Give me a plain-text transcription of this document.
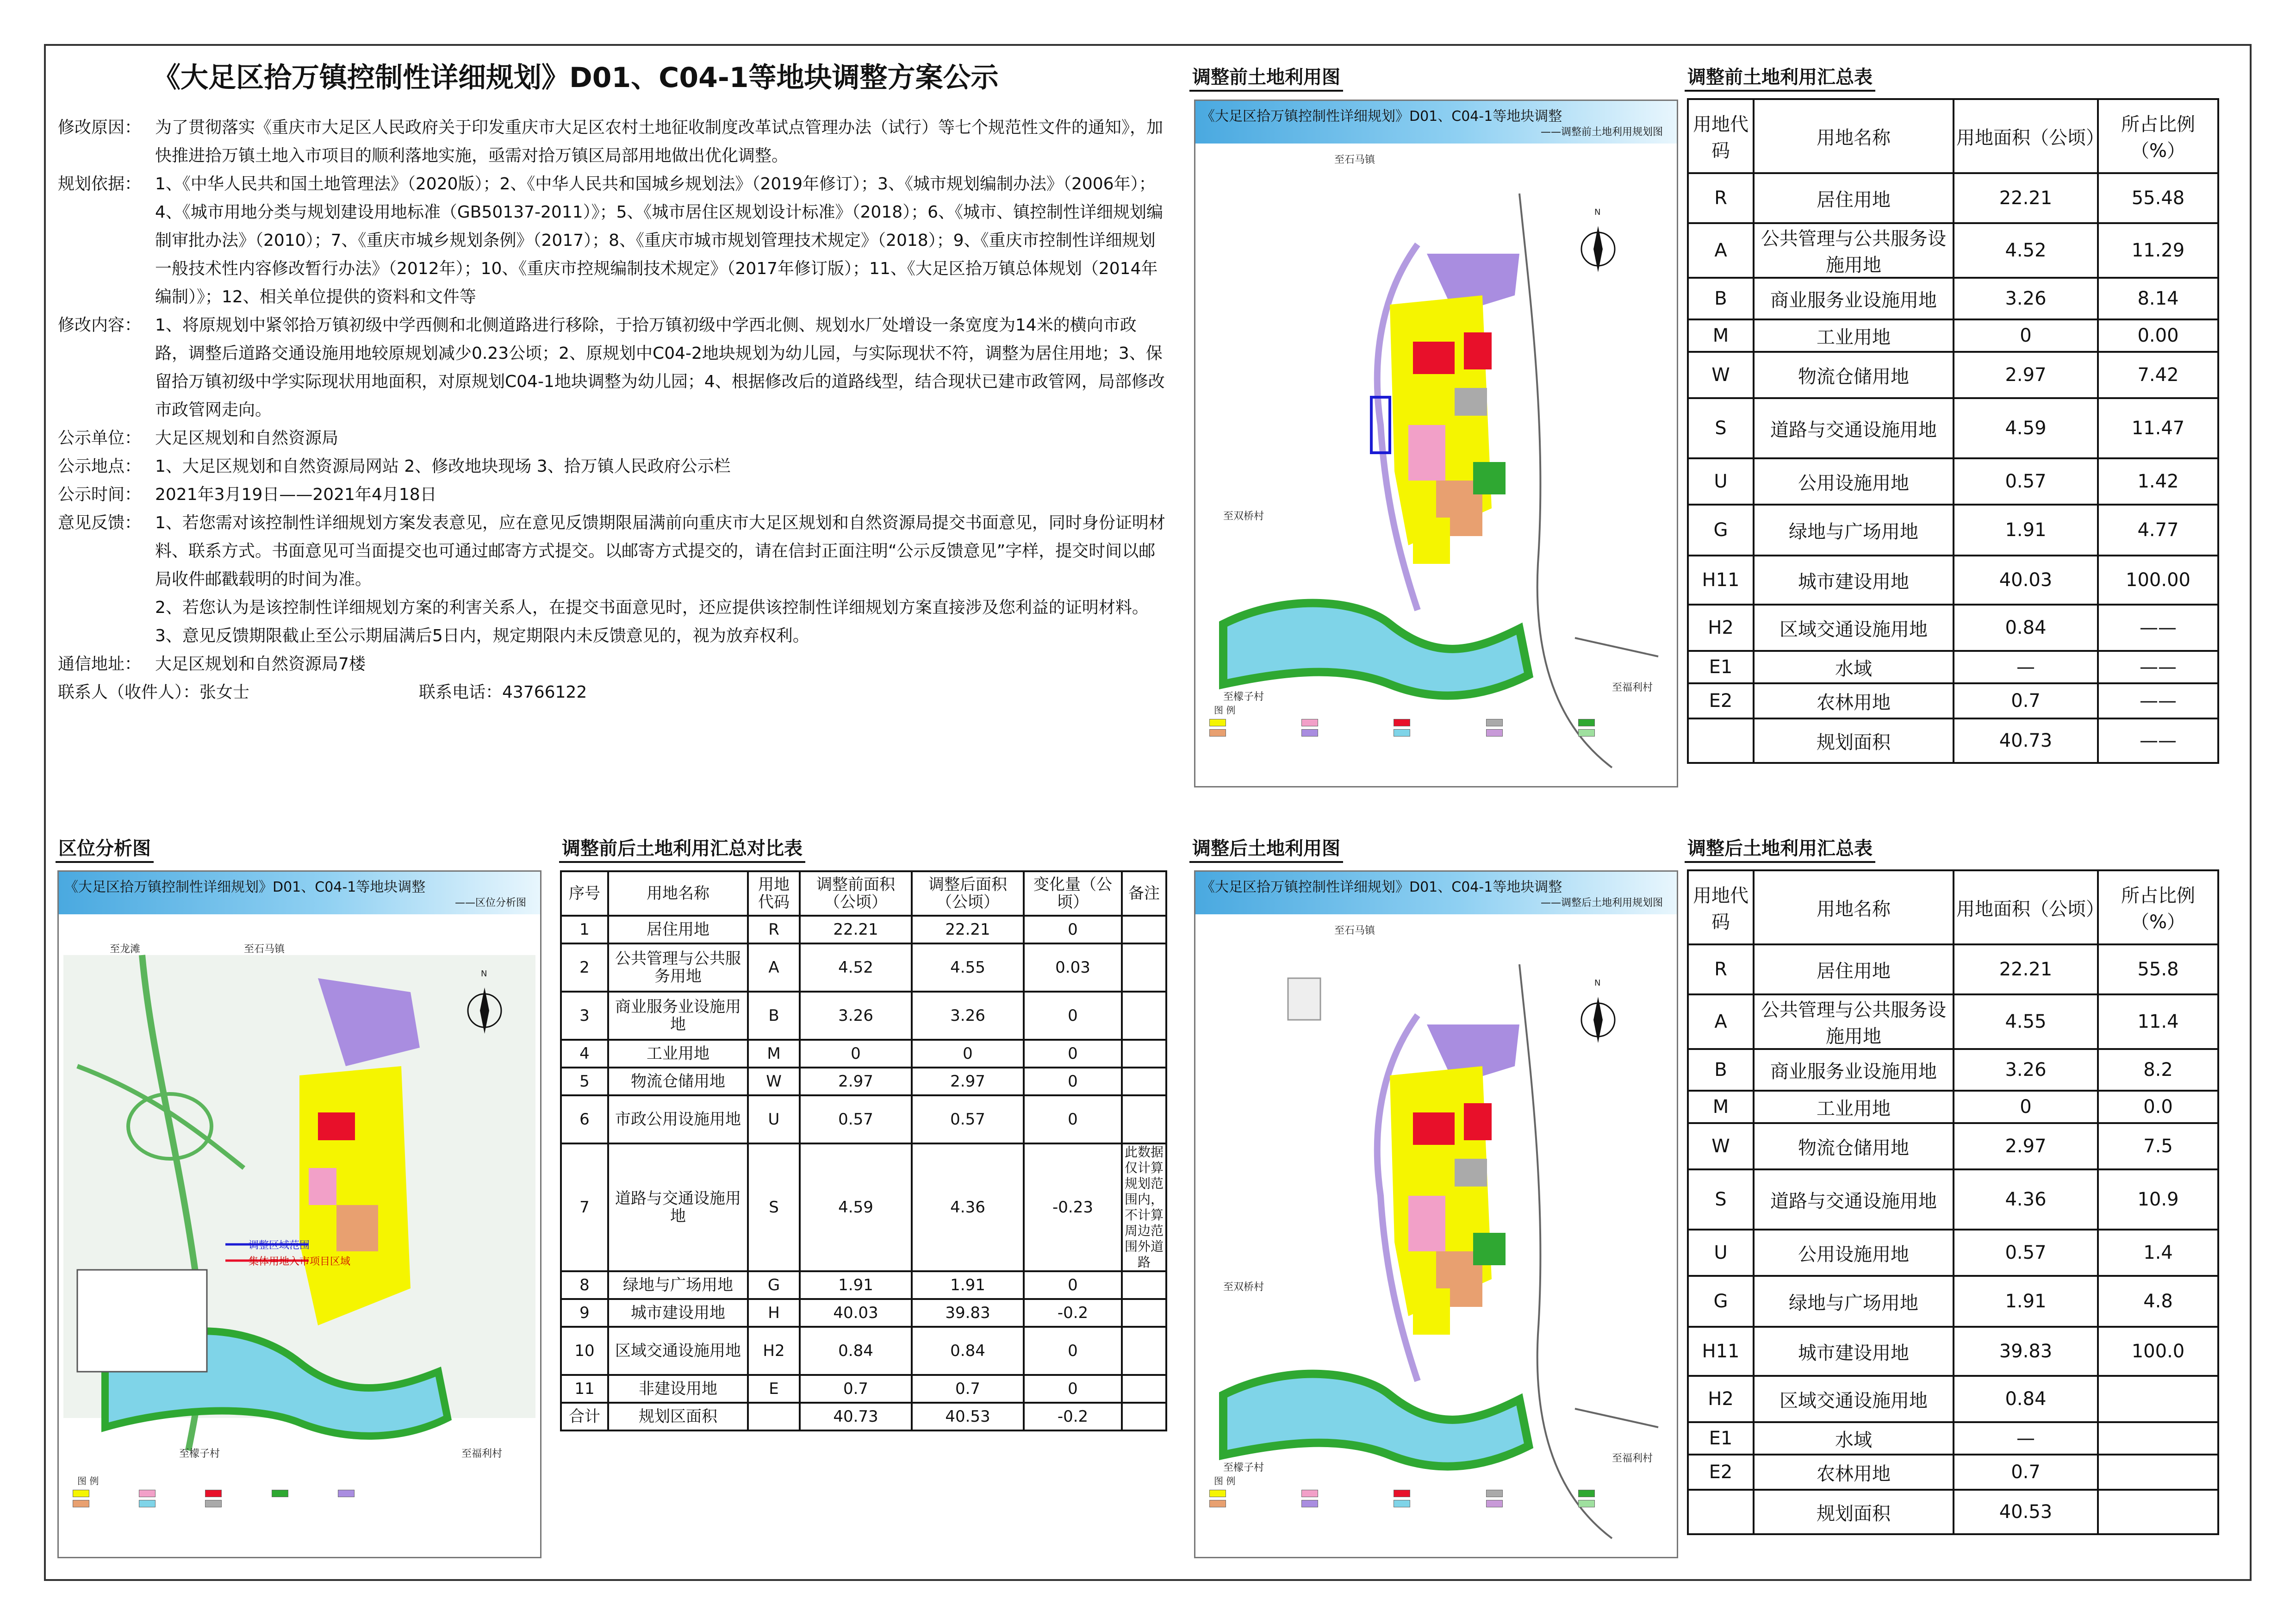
《大足区拾万镇控制性详细规划》D01、C04-1等地块调整方案公示
修改原因： 为了贯彻落实《重庆市大足区人民政府关于印发重庆市大足区农村土地征收制度改革试点管理办法（试行）等七个规范性文件的通知》，加快推进拾万镇土地入市项目的顺利落地实施，亟需对拾万镇区局部用地做出优化调整。
规划依据： 1、《中华人民共和国土地管理法》（2020版）；2、《中华人民共和国城乡规划法》（2019年修订）；3、《城市规划编制办法》（2006年）；4、《城市用地分类与规划建设用地标准（GB50137-2011）》；5、《城市居住区规划设计标准》（2018）；6、《城市、镇控制性详细规划编制审批办法》（2010）；7、《重庆市城乡规划条例》（2017）；8、《重庆市城市规划管理技术规定》（2018）；9、《重庆市控制性详细规划一般技术性内容修改暂行办法》（2012年）；10、《重庆市控规编制技术规定》（2017年修订版）；11、《大足区拾万镇总体规划（2014年编制）》；12、相关单位提供的资料和文件等
修改内容： 1、将原规划中紧邻拾万镇初级中学西侧和北侧道路进行移除，于拾万镇初级中学西北侧、规划水厂处增设一条宽度为14米的横向市政路，调整后道路交通设施用地较原规划减少0.23公顷；2、原规划中C04-2地块规划为幼儿园，与实际现状不符，调整为居住用地；3、保留拾万镇初级中学实际现状用地面积，对原规划C04-1地块调整为幼儿园；4、根据修改后的道路线型，结合现状已建市政管网，局部修改市政管网走向。
公示单位： 大足区规划和自然资源局
公示地点： 1、大足区规划和自然资源局网站 2、修改地块现场 3、拾万镇人民政府公示栏
公示时间： 2021年3月19日——2021年4月18日
意见反馈： 1、若您需对该控制性详细规划方案发表意见，应在意见反馈期限届满前向重庆市大足区规划和自然资源局提交书面意见，同时身份证明材料、联系方式。书面意见可当面提交也可通过邮寄方式提交。以邮寄方式提交的，请在信封正面注明“公示反馈意见”字样，提交时间以邮局收件邮戳载明的时间为准。
2、若您认为是该控制性详细规划方案的利害关系人，在提交书面意见时，还应提供该控制性详细规划方案直接涉及您利益的证明材料。
3、意见反馈期限截止至公示期届满后5日内，规定期限内未反馈意见的，视为放弃权利。
通信地址： 大足区规划和自然资源局7楼
联系人（收件人）：张女士	联系电话：43766122
调整前土地利用图	调整前土地利用汇总表
区位分析图	调整前后土地利用汇总对比表	调整后土地利用图	调整后土地利用汇总表
《大足区拾万镇控制性详细规划》D01、C04-1等地块调整
——调整前土地利用规划图
至石马镇
至双桥村
至檬子村
至福利村
N
图 例
用地代码	用地名称	用地面积（公顷）	所占比例（%）
R	居住用地	22.21	55.48
A	公共管理与公共服务设施用地	4.52	11.29
B	商业服务业设施用地	3.26	8.14
M	工业用地	0	0.00
W	物流仓储用地	2.97	7.42
S	道路与交通设施用地	4.59	11.47
U	公用设施用地	0.57	1.42
G	绿地与广场用地	1.91	4.77
H11	城市建设用地	40.03	100.00
H2	区域交通设施用地	0.84	——
E1	水域	—	——
E2	农林用地	0.7	——
	规划面积	40.73	——
《大足区拾万镇控制性详细规划》D01、C04-1等地块调整
——区位分析图
至龙滩	至石马镇
调整区域范围
集体用地入市项目区域
至檬子村	至福利村
N
图 例
序号	用地名称	用地代码	调整前面积（公顷）	调整后面积（公顷）	变化量（公顷）	备注
1	居住用地	R	22.21	22.21	0	
2	公共管理与公共服务用地	A	4.52	4.55	0.03	
3	商业服务业设施用地	B	3.26	3.26	0	
4	工业用地	M	0	0	0	
5	物流仓储用地	W	2.97	2.97	0	
6	市政公用设施用地	U	0.57	0.57	0	
7	道路与交通设施用地	S	4.59	4.36	-0.23	此数据仅计算规划范围内，不计算周边范围外道路
8	绿地与广场用地	G	1.91	1.91	0	
9	城市建设用地	H	40.03	39.83	-0.2	
10	区域交通设施用地	H2	0.84	0.84	0	
11	非建设用地	E	0.7	0.7	0	
合计	规划区面积		40.73	40.53	-0.2	
《大足区拾万镇控制性详细规划》D01、C04-1等地块调整
——调整后土地利用规划图
至石马镇
至双桥村
至檬子村
至福利村
N
图 例
用地代码	用地名称	用地面积（公顷）	所占比例（%）
R	居住用地	22.21	55.8
A	公共管理与公共服务设施用地	4.55	11.4
B	商业服务业设施用地	3.26	8.2
M	工业用地	0	0.0
W	物流仓储用地	2.97	7.5
S	道路与交通设施用地	4.36	10.9
U	公用设施用地	0.57	1.4
G	绿地与广场用地	1.91	4.8
H11	城市建设用地	39.83	100.0
H2	区域交通设施用地	0.84	
E1	水域	—	
E2	农林用地	0.7	
	规划面积	40.53	
